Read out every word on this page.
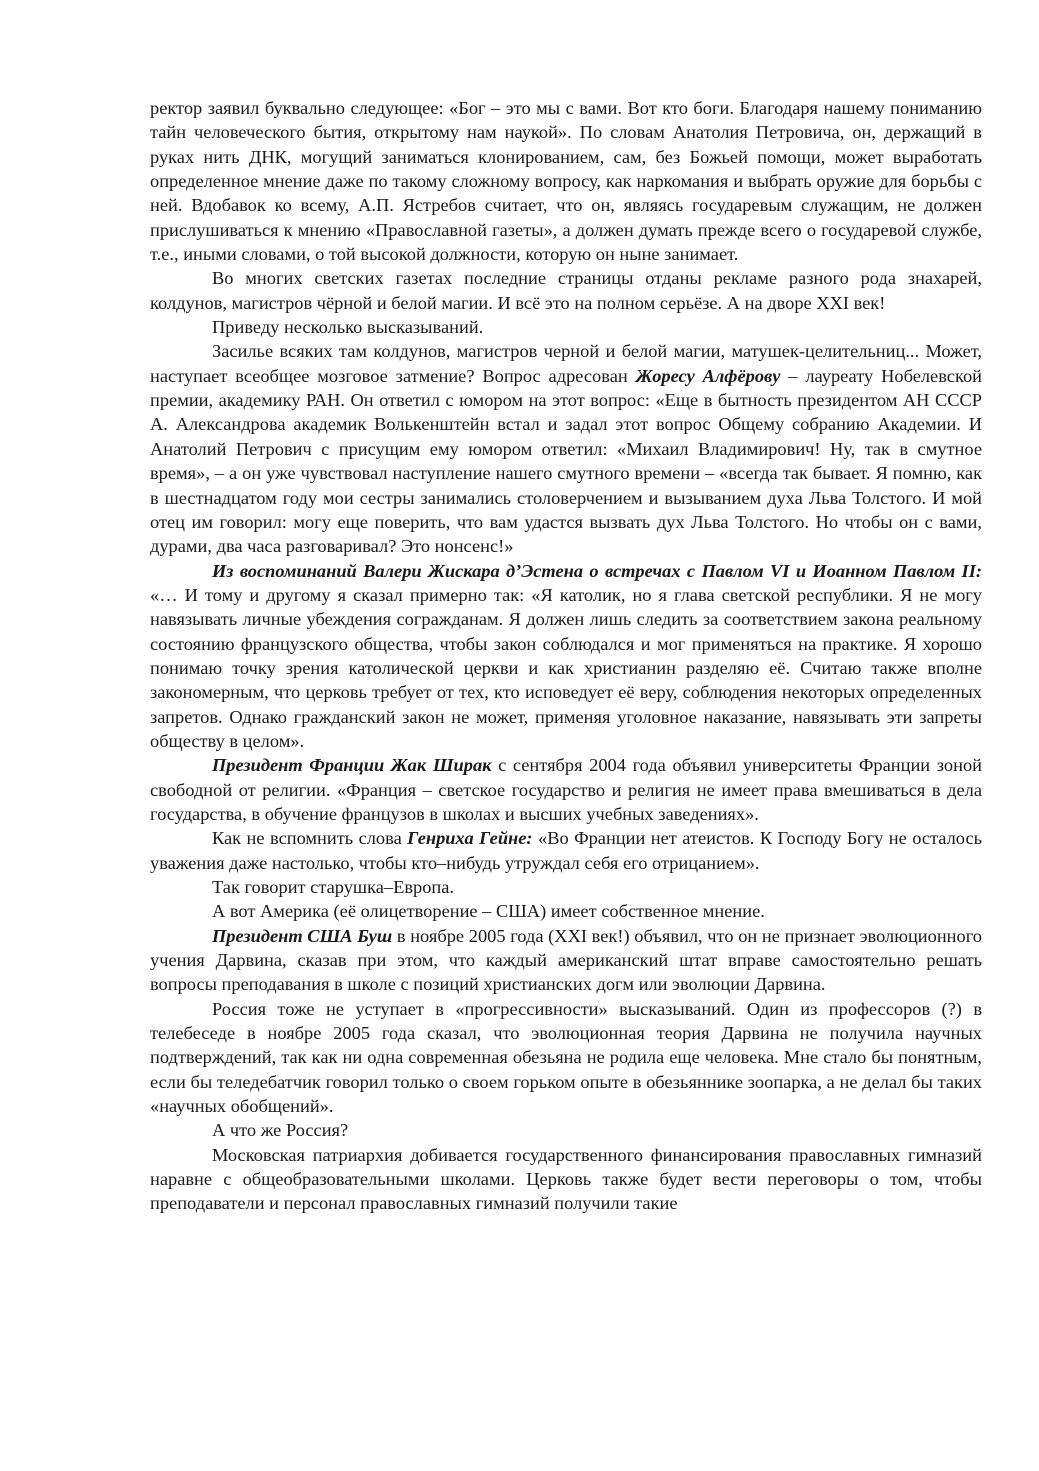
ректор заявил буквально следующее: «Бог – это мы с вами. Вот кто боги. Благодаря нашему пониманию тайн человеческого бытия, открытому нам наукой». По словам Анатолия Петровича, он, держащий в руках нить ДНК, могущий заниматься клонированием, сам, без Божьей помощи, может выработать определенное мнение даже по такому сложному вопросу, как наркомания и выбрать оружие для борьбы с ней. Вдобавок ко всему, А.П. Ястребов считает, что он, являясь государевым служащим, не должен прислушиваться к мнению «Православной газеты», а должен думать прежде всего о государевой службе, т.е., иными словами, о той высокой должности, которую он ныне занимает.

Во многих светских газетах последние страницы отданы рекламе разного рода знахарей, колдунов, магистров чёрной и белой магии. И всё это на полном серьёзе. А на дворе XXI век!

Приведу несколько высказываний.

Засилье всяких там колдунов, магистров черной и белой магии, матушек-целительниц... Может, наступает всеобщее мозговое затмение? Вопрос адресован Жоресу Алфёрову – лауреату Нобелевской премии, академику РАН. Он ответил с юмором на этот вопрос: «Еще в бытность президентом АН СССР А. Александрова академик Волькенштейн встал и задал этот вопрос Общему собранию Академии. И Анатолий Петрович с присущим ему юмором ответил: «Михаил Владимирович! Ну, так в смутное время», – а он уже чувствовал наступление нашего смутного времени – «всегда так бывает. Я помню, как в шестнадцатом году мои сестры занимались столоверчением и вызыванием духа Льва Толстого. И мой отец им говорил: могу еще поверить, что вам удастся вызвать дух Льва Толстого. Но чтобы он с вами, дурами, два часа разговаривал? Это нонсенс!»

Из воспоминаний Валери Жискара д’Эстена о встречах с Павлом VI и Иоанном Павлом II: «… И тому и другому я сказал примерно так: «Я католик, но я глава светской республики. Я не могу навязывать личные убеждения согражданам. Я должен лишь следить за соответствием закона реальному состоянию французского общества, чтобы закон соблюдался и мог применяться на практике. Я хорошо понимаю точку зрения католической церкви и как христианин разделяю её. Считаю также вполне закономерным, что церковь требует от тех, кто исповедует её веру, соблюдения некоторых определенных запретов. Однако гражданский закон не может, применяя уголовное наказание, навязывать эти запреты обществу в целом».

Президент Франции Жак Ширак с сентября 2004 года объявил университеты Франции зоной свободной от религии. «Франция – светское государство и религия не имеет права вмешиваться в дела государства, в обучение французов в школах и высших учебных заведениях».

Как не вспомнить слова Генриха Гейне: «Во Франции нет атеистов. К Господу Богу не осталось уважения даже настолько, чтобы кто–нибудь утруждал себя его отрицанием».

Так говорит старушка–Европа.

А вот Америка (её олицетворение – США) имеет собственное мнение.

Президент США Буш в ноябре 2005 года (XXI век!) объявил, что он не признает эволюционного учения Дарвина, сказав при этом, что каждый американский штат вправе самостоятельно решать вопросы преподавания в школе с позиций христианских догм или эволюции Дарвина.

Россия тоже не уступает в «прогрессивности» высказываний. Один из профессоров (?) в телебеседе в ноябре 2005 года сказал, что эволюционная теория Дарвина не получила научных подтверждений, так как ни одна современная обезьяна не родила еще человека. Мне стало бы понятным, если бы теледебатчик говорил только о своем горьком опыте в обезьяннике зоопарка, а не делал бы таких «научных обобщений».

А что же Россия?

Московская патриархия добивается государственного финансирования православных гимназий наравне с общеобразовательными школами. Церковь также будет вести переговоры о том, чтобы преподаватели и персонал православных гимназий получили такие
